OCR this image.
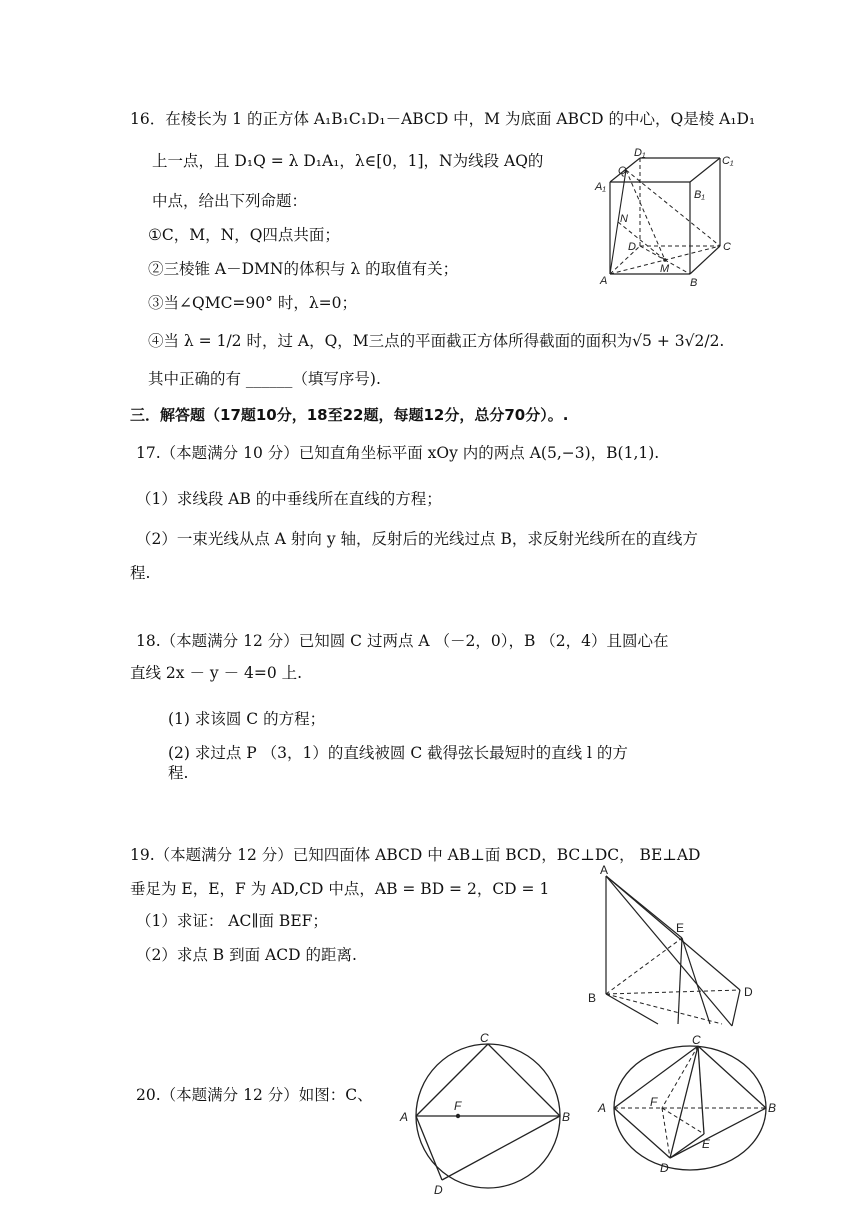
16．在棱长为 1 的正方体 A₁B₁C₁D₁－ABCD 中，M 为底面 ABCD 的中心，Q是棱 A₁D₁
上一点，且 D₁Q = λ D₁A₁，λ∈[0，1]，N为线段 AQ的
中点，给出下列命题：
①C，M，N，Q四点共面；
②三棱锥 A－DMN的体积与 λ 的取值有关；
③当∠QMC=90° 时，λ=0；
④当 λ = 1/2 时，过 A，Q，M三点的平面截正方体所得截面的面积为√5 + 3√2/2.
其中正确的有 ______（填写序号).
D₁
C₁
A₁
Q
B₁
N
D	C
A
M
B
三．解答题（17题10分，18至22题，每题12分，总分70分）。.
17.（本题满分 10 分）已知直角坐标平面 xOy 内的两点 A(5,−3)，B(1,1).
（1）求线段 AB 的中垂线所在直线的方程；
（2）一束光线从点 A 射向 y 轴，反射后的光线过点 B，求反射光线所在的直线方
程.
18.（本题满分 12 分）已知圆 C 过两点 A （－2，0），B （2，4）且圆心在
直线 2x － y － 4=0 上.
(1) 求该圆 C 的方程；
(2) 求过点 P （3，1）的直线被圆 C 截得弦长最短时的直线 l 的方
程.
19.（本题满分 12 分）已知四面体 ABCD 中 AB⊥面 BCD，BC⊥DC， BE⊥AD
垂足为 E，E，F 为 AD,CD 中点，AB = BD = 2，CD = 1
（1）求证： AC∥面 BEF；
（2）求点 B 到面 ACD 的距离.
A
E
B	D
20.（本题满分 12 分）如图：C、
C
A
F
B
D
C
A	F	B
E
D
